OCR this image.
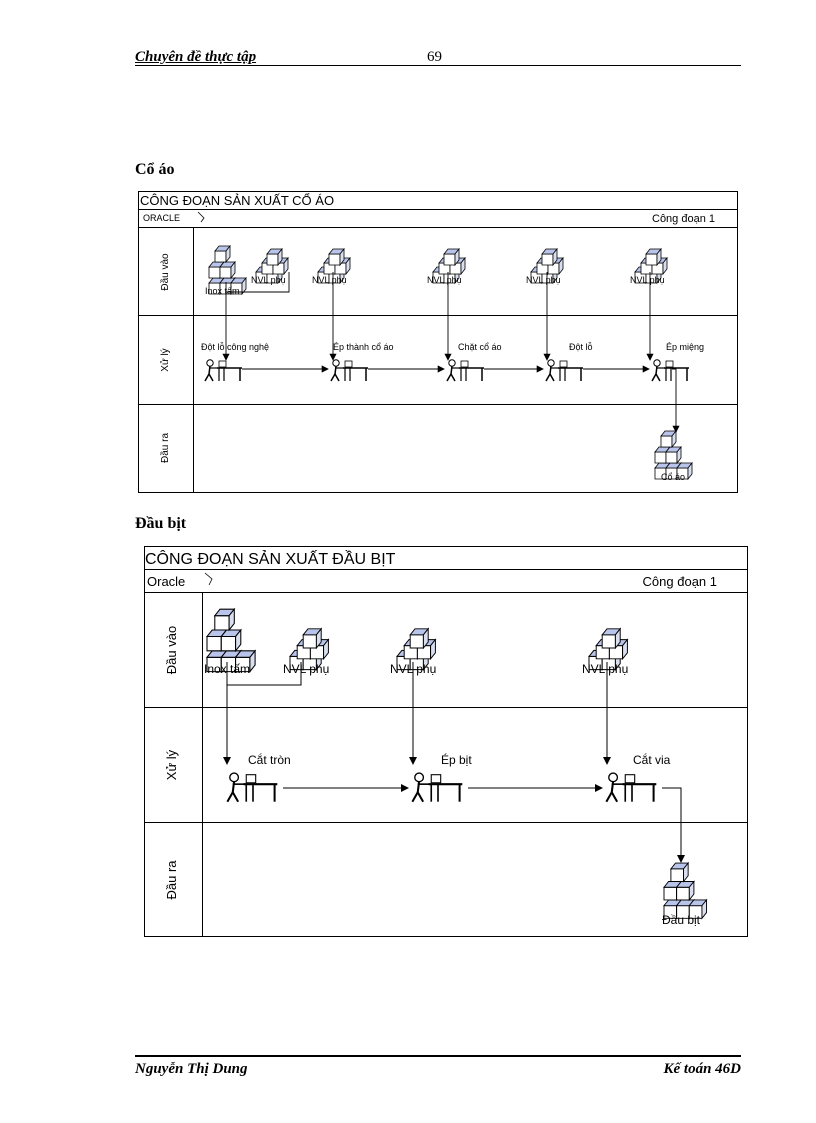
Chuyên đề thực tập	69
Cổ áo
Đầu bịt
CÔNG ĐOẠN SẢN XUẤT CỔ ÁO
ORACLE	Công đoạn 1
Đầu vào
Xử lý
Đầu ra
Inox tấm
NVL phụ	NVL phụ	NVL phụ	NVL phụ	NVL phụ
Đột lỗ công nghệ	Ép thành cổ áo	Chặt cổ áo	Đột lỗ	Ép miệng
Cổ áo
CÔNG ĐOẠN SẢN XUẤT ĐẦU BỊT
Oracle	Công đoạn 1
Đầu vào
Xử lý
Đầu ra
Inox tấm	NVL phụ	NVL phụ	NVL phụ
Cắt tròn	Ép bịt	Cắt via
Đầu bịt
Nguyễn Thị Dung	Kế toán 46D
